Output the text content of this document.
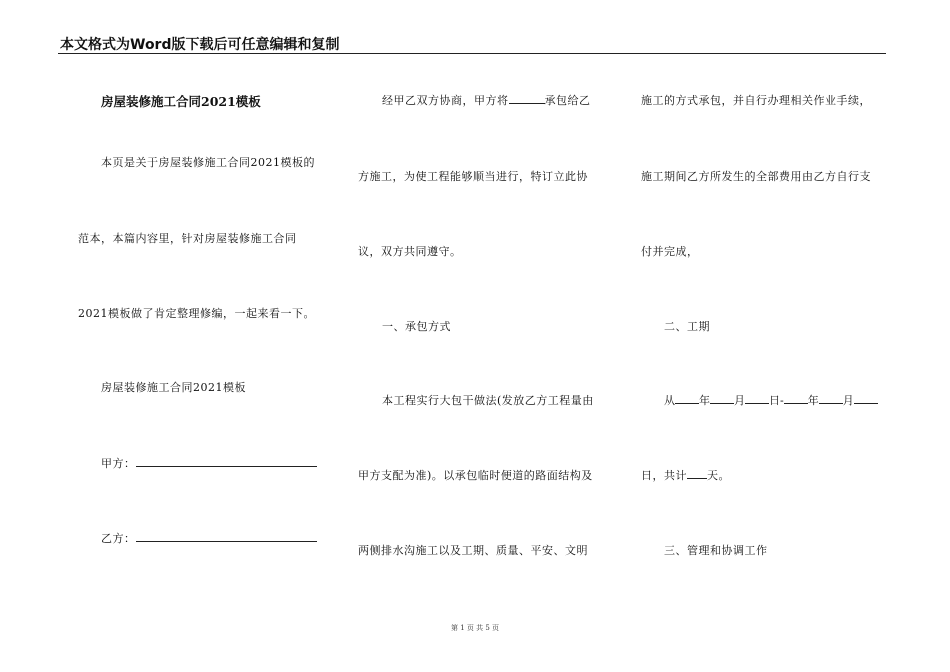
本文格式为Word版下载后可任意编辑和复制
房屋装修施工合同2021模板
本页是关于房屋装修施工合同2021模板的
范本，本篇内容里，针对房屋装修施工合同
2021模板做了肯定整理修编，一起来看一下。
房屋装修施工合同2021模板
甲方：
乙方：
经甲乙双方协商，甲方将	承包给乙
方施工，为使工程能够顺当进行，特订立此协
议，双方共同遵守。
一、承包方式
本工程实行大包干做法(发放乙方工程量由
甲方支配为准)。以承包临时便道的路面结构及
两侧排水沟施工以及工期、质量、平安、文明
施工的方式承包，并自行办理相关作业手续，
施工期间乙方所发生的全部费用由乙方自行支
付并完成，
二、工期
从 年 月 日- 年 月
日，共计 天。
三、管理和协调工作
第 1 页 共 5 页
